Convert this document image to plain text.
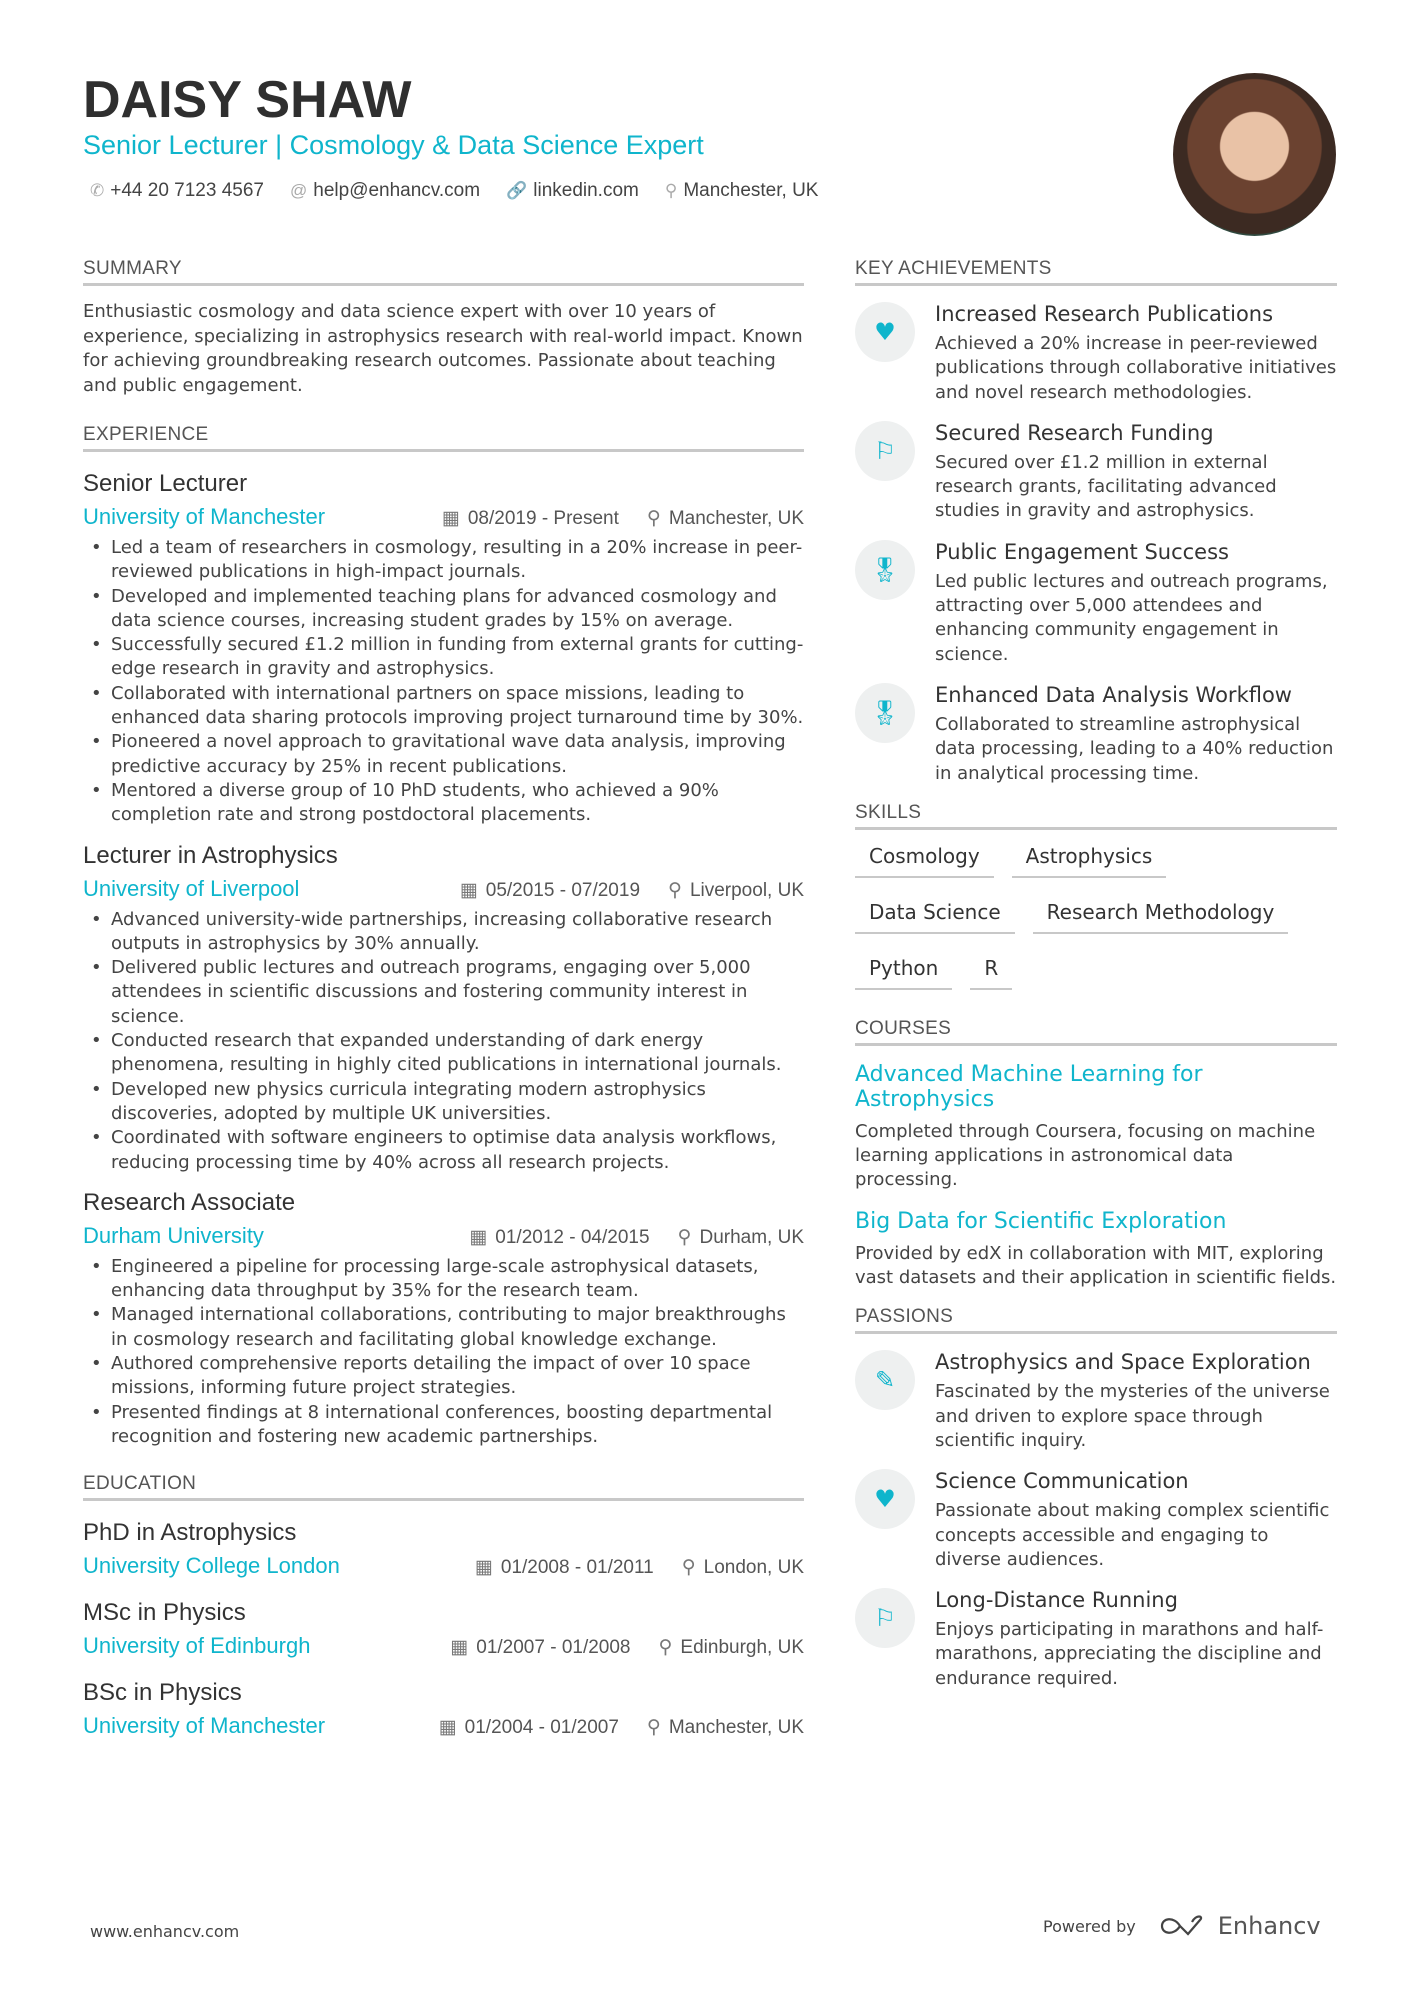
DAISY SHAW
Senior Lecturer | Cosmology & Data Science Expert
✆ +44 20 7123 4567 @ help@enhancv.com 🔗 linkedin.com ⚲ Manchester, UK
SUMMARY
Enthusiastic cosmology and data science expert with over 10 years of experience, specializing in astrophysics research with real-world impact. Known for achieving groundbreaking research outcomes. Passionate about teaching and public engagement.
EXPERIENCE
Senior Lecturer
University of Manchester	▦ 08/2019 - Present ⚲ Manchester, UK
• Led a team of researchers in cosmology, resulting in a 20% increase in peer-reviewed publications in high-impact journals.
• Developed and implemented teaching plans for advanced cosmology and data science courses, increasing student grades by 15% on average.
• Successfully secured £1.2 million in funding from external grants for cutting-edge research in gravity and astrophysics.
• Collaborated with international partners on space missions, leading to enhanced data sharing protocols improving project turnaround time by 30%.
• Pioneered a novel approach to gravitational wave data analysis, improving predictive accuracy by 25% in recent publications.
• Mentored a diverse group of 10 PhD students, who achieved a 90% completion rate and strong postdoctoral placements.
Lecturer in Astrophysics
University of Liverpool	▦ 05/2015 - 07/2019 ⚲ Liverpool, UK
• Advanced university-wide partnerships, increasing collaborative research outputs in astrophysics by 30% annually.
• Delivered public lectures and outreach programs, engaging over 5,000 attendees in scientific discussions and fostering community interest in science.
• Conducted research that expanded understanding of dark energy phenomena, resulting in highly cited publications in international journals.
• Developed new physics curricula integrating modern astrophysics discoveries, adopted by multiple UK universities.
• Coordinated with software engineers to optimise data analysis workflows, reducing processing time by 40% across all research projects.
Research Associate
Durham University	▦ 01/2012 - 04/2015 ⚲ Durham, UK
• Engineered a pipeline for processing large-scale astrophysical datasets, enhancing data throughput by 35% for the research team.
• Managed international collaborations, contributing to major breakthroughs in cosmology research and facilitating global knowledge exchange.
• Authored comprehensive reports detailing the impact of over 10 space missions, informing future project strategies.
• Presented findings at 8 international conferences, boosting departmental recognition and fostering new academic partnerships.
EDUCATION
PhD in Astrophysics
University College London	▦ 01/2008 - 01/2011 ⚲ London, UK
MSc in Physics
University of Edinburgh	▦ 01/2007 - 01/2008 ⚲ Edinburgh, UK
BSc in Physics
University of Manchester	▦ 01/2004 - 01/2007 ⚲ Manchester, UK
KEY ACHIEVEMENTS
♥
Increased Research Publications
Achieved a 20% increase in peer-reviewed publications through collaborative initiatives and novel research methodologies.
⚐
Secured Research Funding
Secured over £1.2 million in external research grants, facilitating advanced studies in gravity and astrophysics.
🎖
Public Engagement Success
Led public lectures and outreach programs, attracting over 5,000 attendees and enhancing community engagement in science.
🎖
Enhanced Data Analysis Workflow
Collaborated to streamline astrophysical data processing, leading to a 40% reduction in analytical processing time.
SKILLS
Cosmology	Astrophysics
Data Science	Research Methodology
Python	R
COURSES
Advanced Machine Learning for Astrophysics
Completed through Coursera, focusing on machine learning applications in astronomical data processing.
Big Data for Scientific Exploration
Provided by edX in collaboration with MIT, exploring vast datasets and their application in scientific fields.
PASSIONS
✎
Astrophysics and Space Exploration
Fascinated by the mysteries of the universe and driven to explore space through scientific inquiry.
♥
Science Communication
Passionate about making complex scientific concepts accessible and engaging to diverse audiences.
⚐
Long-Distance Running
Enjoys participating in marathons and half-marathons, appreciating the discipline and endurance required.
www.enhancv.com	Powered by	Enhancv
